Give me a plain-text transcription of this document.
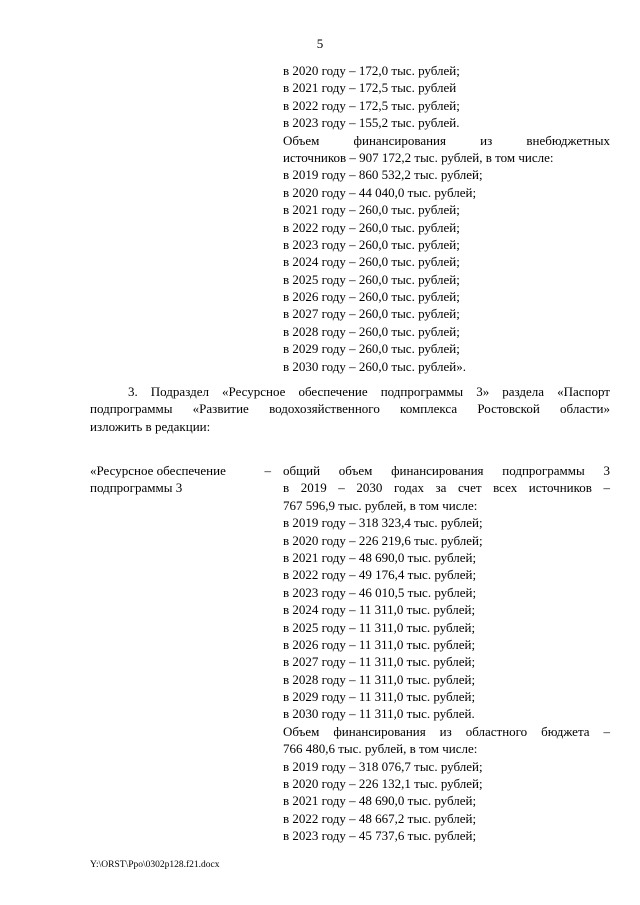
5
в 2020 году – 172,0 тыс. рублей;
в 2021 году – 172,5 тыс. рублей
в 2022 году – 172,5 тыс. рублей;
в 2023 году – 155,2 тыс. рублей.
Объем финансирования из внебюджетных
источников – 907 172,2 тыс. рублей, в том числе:
в 2019 году – 860 532,2 тыс. рублей;
в 2020 году – 44 040,0 тыс. рублей;
в 2021 году – 260,0 тыс. рублей;
в 2022 году – 260,0 тыс. рублей;
в 2023 году – 260,0 тыс. рублей;
в 2024 году – 260,0 тыс. рублей;
в 2025 году – 260,0 тыс. рублей;
в 2026 году – 260,0 тыс. рублей;
в 2027 году – 260,0 тыс. рублей;
в 2028 году – 260,0 тыс. рублей;
в 2029 году – 260,0 тыс. рублей;
в 2030 году – 260,0 тыс. рублей».
3. Подраздел «Ресурсное обеспечение подпрограммы 3» раздела «Паспорт
подпрограммы «Развитие водохозяйственного комплекса Ростовской области»
изложить в редакции:
«Ресурсное обеспечение	–
подпрограммы 3
общий объем финансирования подпрограммы 3
в 2019 – 2030 годах за счет всех источников –
767 596,9 тыс. рублей, в том числе:
в 2019 году – 318 323,4 тыс. рублей;
в 2020 году – 226 219,6 тыс. рублей;
в 2021 году – 48 690,0 тыс. рублей;
в 2022 году – 49 176,4 тыс. рублей;
в 2023 году – 46 010,5 тыс. рублей;
в 2024 году – 11 311,0 тыс. рублей;
в 2025 году – 11 311,0 тыс. рублей;
в 2026 году – 11 311,0 тыс. рублей;
в 2027 году – 11 311,0 тыс. рублей;
в 2028 году – 11 311,0 тыс. рублей;
в 2029 году – 11 311,0 тыс. рублей;
в 2030 году – 11 311,0 тыс. рублей.
Объем финансирования из областного бюджета –
766 480,6 тыс. рублей, в том числе:
в 2019 году – 318 076,7 тыс. рублей;
в 2020 году – 226 132,1 тыс. рублей;
в 2021 году – 48 690,0 тыс. рублей;
в 2022 году – 48 667,2 тыс. рублей;
в 2023 году – 45 737,6 тыс. рублей;
Y:\ORST\Ppo\0302p128.f21.docx
